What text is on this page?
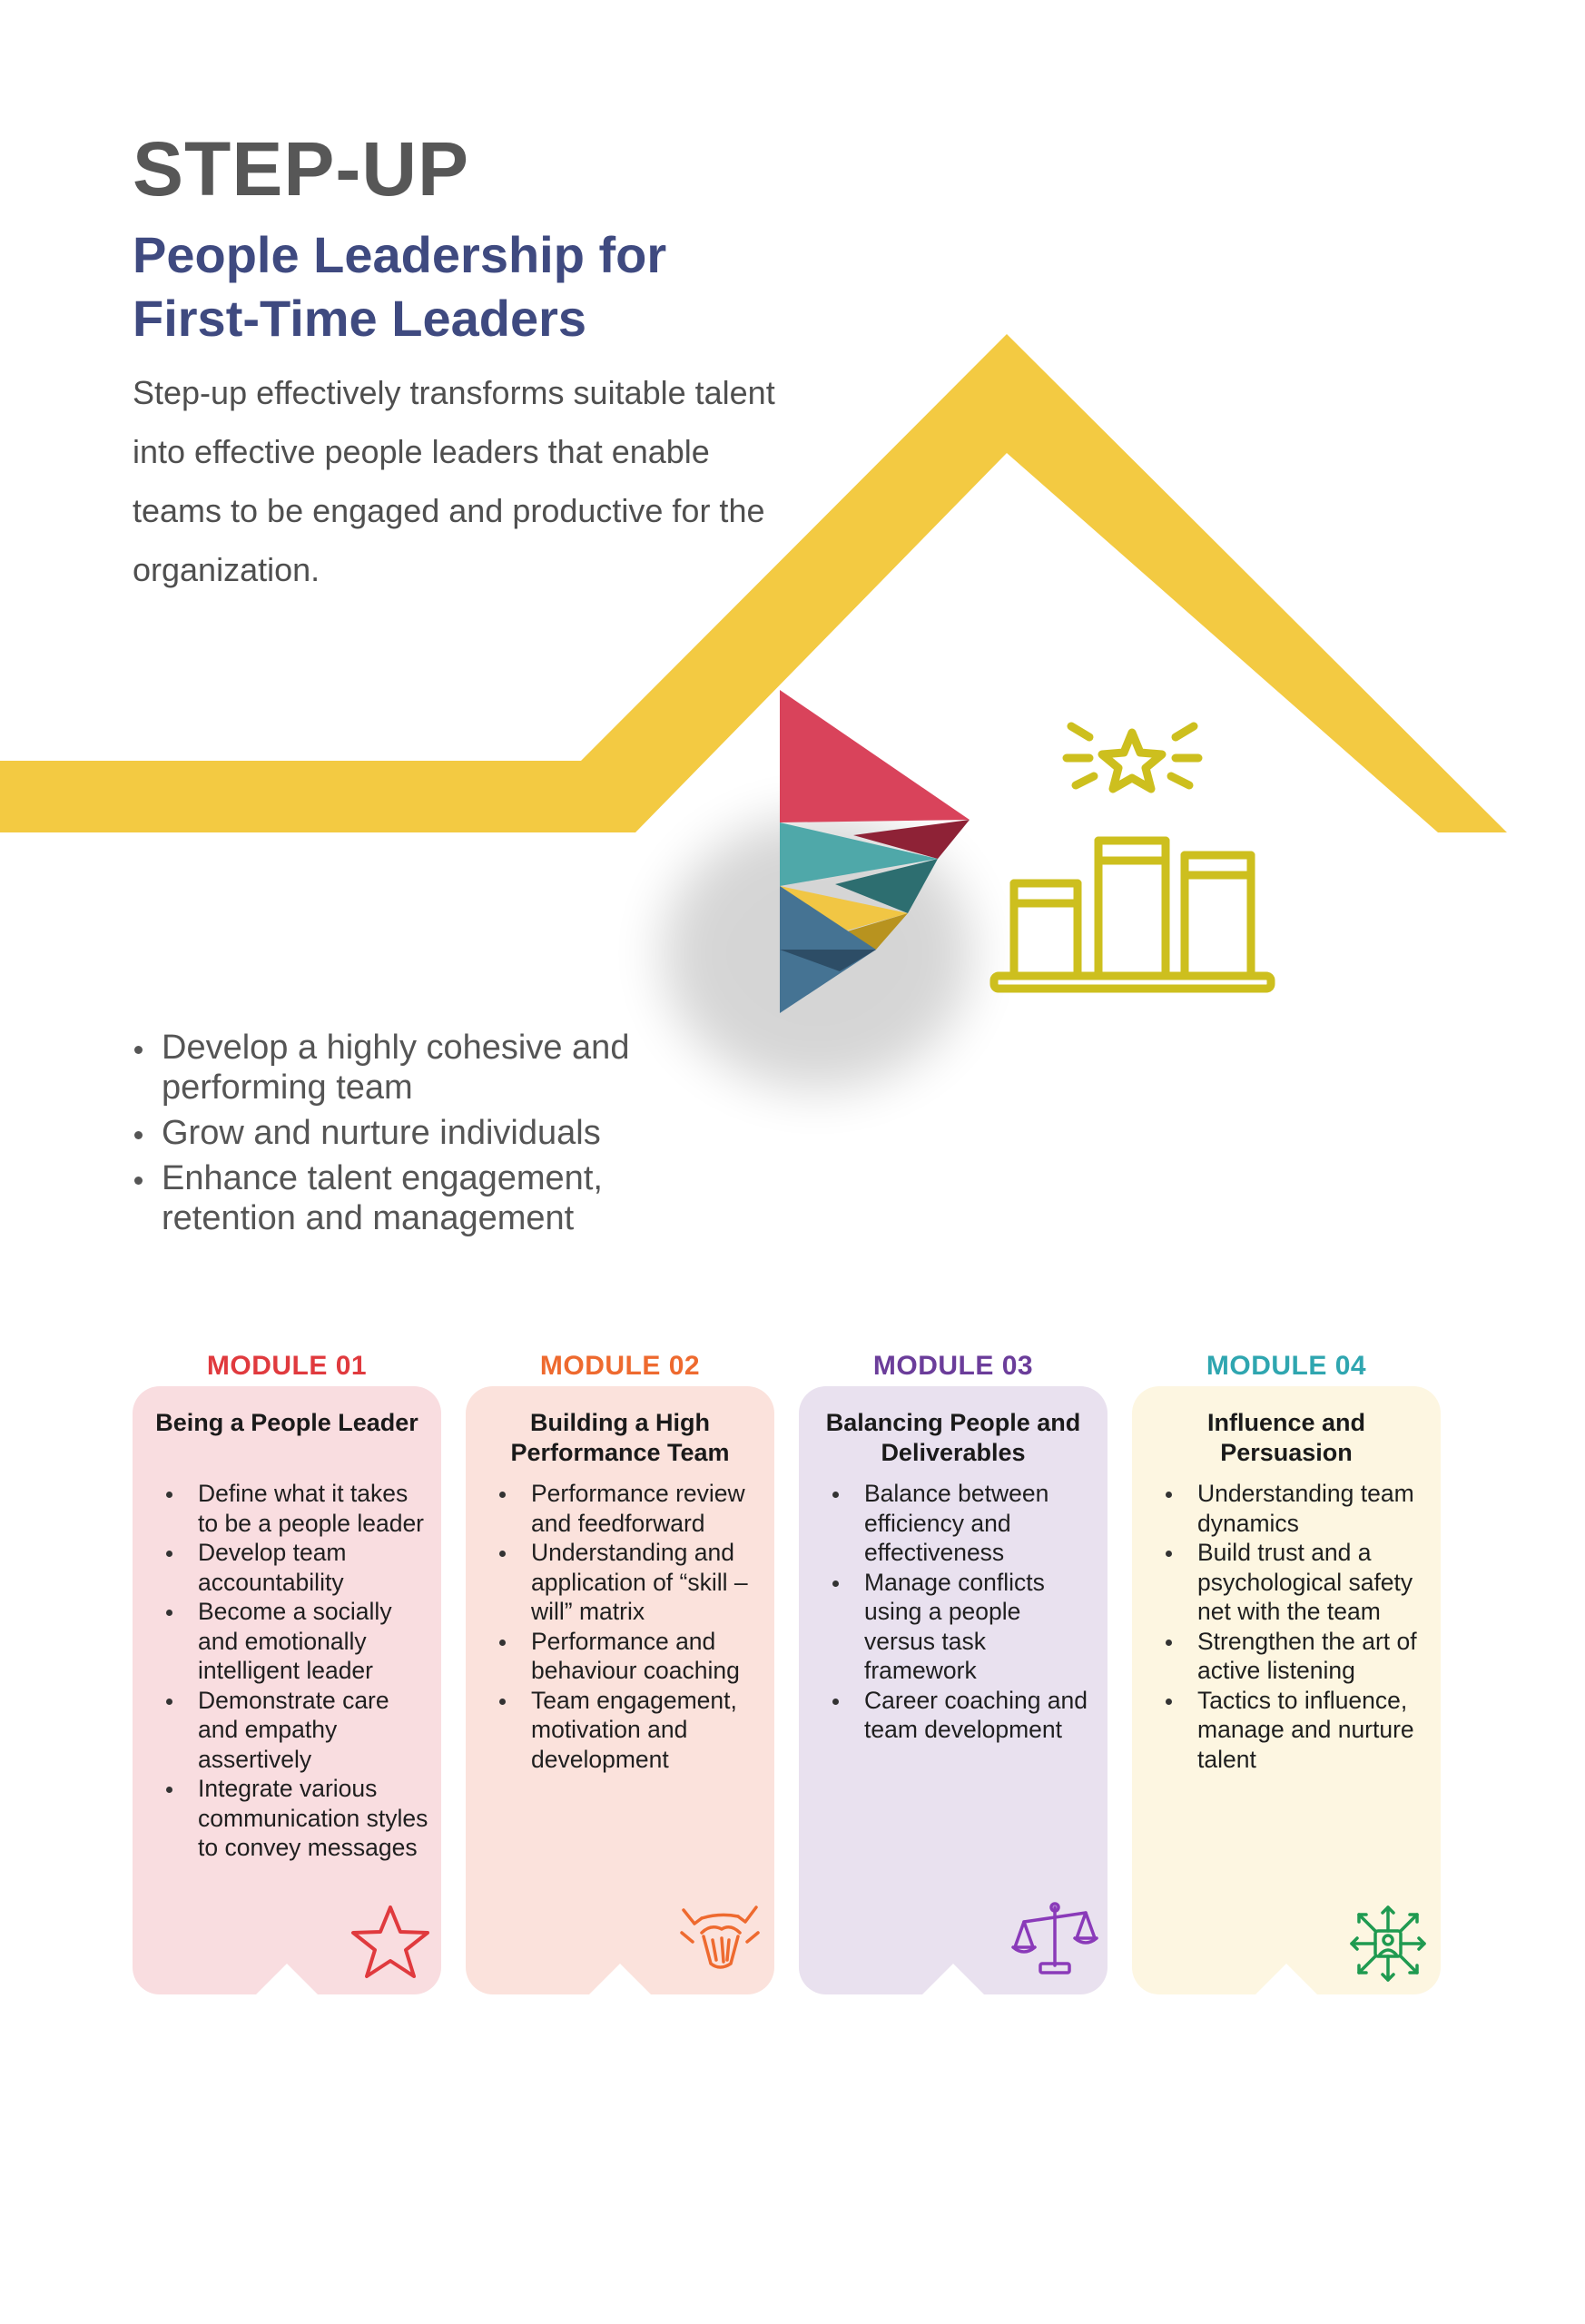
STEP-UP
People Leadership for First-Time Leaders

Step-up effectively transforms suitable talent into effective people leaders that enable teams to be engaged and productive for the organization.

Develop a highly cohesive and performing team
Grow and nurture individuals
Enhance talent engagement, retention and management
MODULE 01
Being a People Leader
Define what it takes to be a people leader
Develop team accountability
Become a socially and emotionally intelligent leader
Demonstrate care and empathy assertively
Integrate various communication styles to convey messages
MODULE 02
Building a High Performance Team
Performance review and feedforward
Understanding and application of “skill – will” matrix
Performance and behaviour coaching
Team engagement, motivation and development
MODULE 03
Balancing People and Deliverables
Balance between efficiency and effectiveness
Manage conflicts using a people versus task framework
Career coaching and team development
MODULE 04
Influence and Persuasion
Understanding team dynamics
Build trust and a psychological safety net with the team
Strengthen the art of active listening
Tactics to influence, manage and nurture talent
